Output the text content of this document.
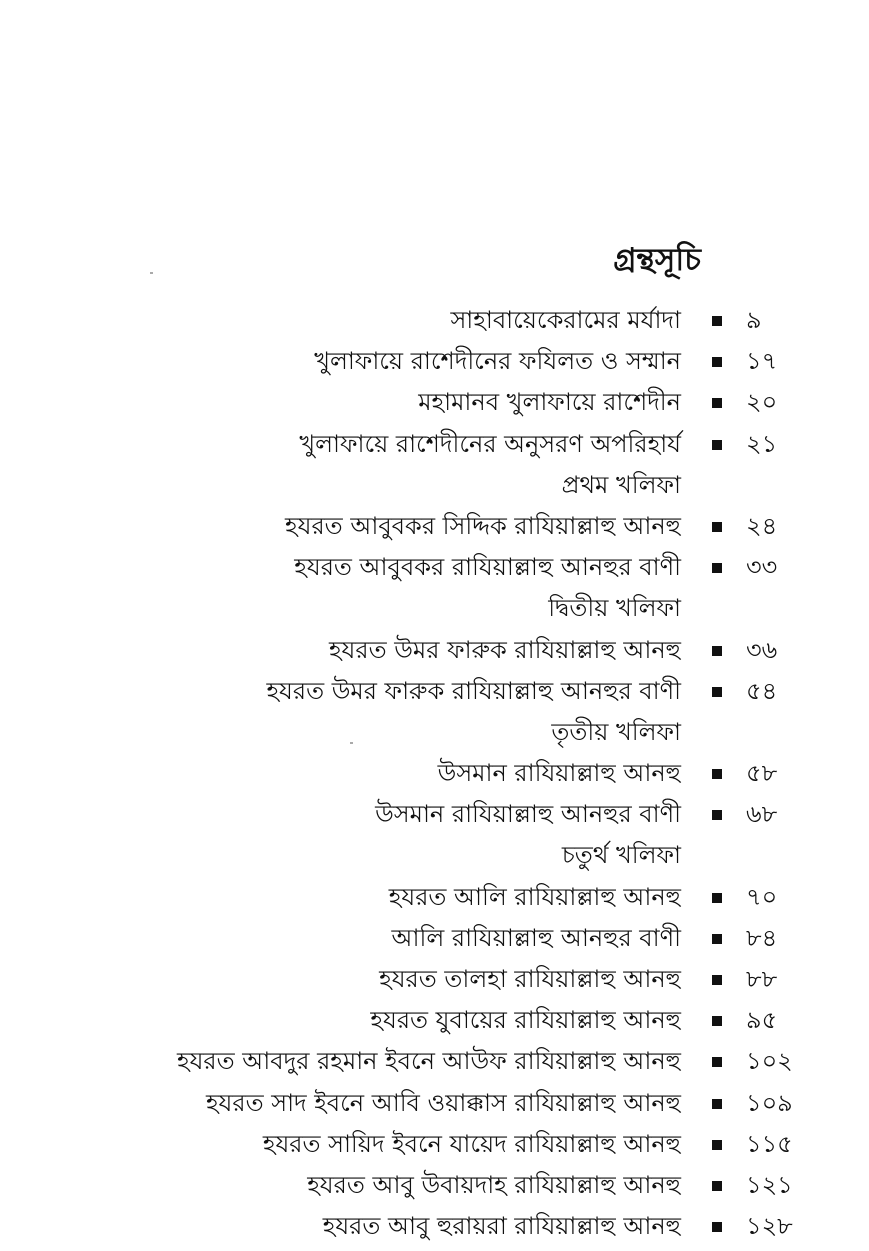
গ্রন্থসূচি
সাহাবায়েকেরামের মর্যাদা	৯
খুলাফায়ে রাশেদীনের ফযিলত ও সম্মান	১৭
মহামানব খুলাফায়ে রাশেদীন	২০
খুলাফায়ে রাশেদীনের অনুসরণ অপরিহার্য	২১
প্রথম খলিফা
হযরত আবুবকর সিদ্দিক রাযিয়াল্লাহু আনহু	২৪
হযরত আবুবকর রাযিয়াল্লাহু আনহুর বাণী	৩৩
দ্বিতীয় খলিফা
হযরত উমর ফারুক রাযিয়াল্লাহু আনহু	৩৬
হযরত উমর ফারুক রাযিয়াল্লাহু আনহুর বাণী	৫৪
তৃতীয় খলিফা
উসমান রাযিয়াল্লাহু আনহু	৫৮
উসমান রাযিয়াল্লাহু আনহুর বাণী	৬৮
চতুর্থ খলিফা
হযরত আলি রাযিয়াল্লাহু আনহু	৭০
আলি রাযিয়াল্লাহু আনহুর বাণী	৮৪
হযরত তালহা রাযিয়াল্লাহু আনহু	৮৮
হযরত যুবায়ের রাযিয়াল্লাহু আনহু	৯৫
হযরত আবদুর রহমান ইবনে আউফ রাযিয়াল্লাহু আনহু	১০২
হযরত সাদ ইবনে আবি ওয়াক্কাস রাযিয়াল্লাহু আনহু	১০৯
হযরত সায়িদ ইবনে যায়েদ রাযিয়াল্লাহু আনহু	১১৫
হযরত আবু উবায়দাহ রাযিয়াল্লাহু আনহু	১২১
হযরত আবু হুরায়রা রাযিয়াল্লাহু আনহু	১২৮
